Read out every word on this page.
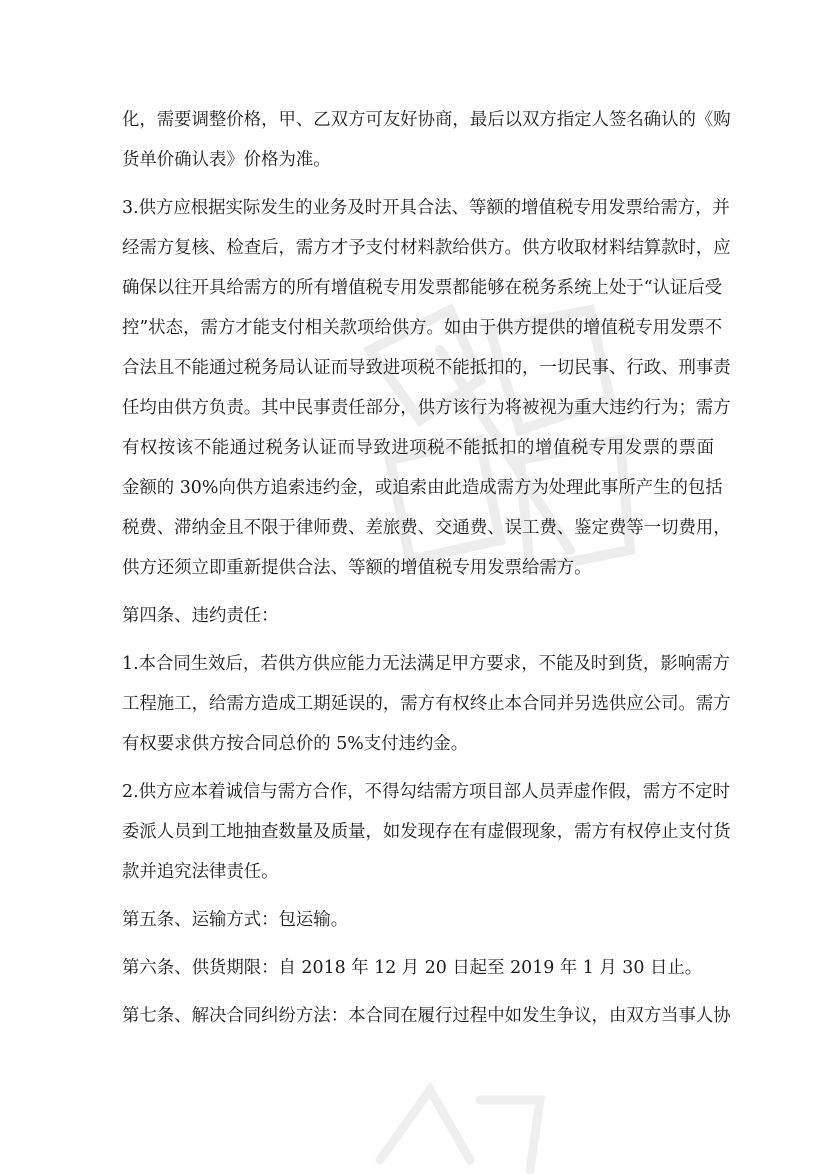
化，需要调整价格，甲、乙双方可友好协商，最后以双方指定人签名确认的《购
货单价确认表》价格为准。
3.供方应根据实际发生的业务及时开具合法、等额的增值税专用发票给需方，并
经需方复核、检查后，需方才予支付材料款给供方。供方收取材料结算款时，应
确保以往开具给需方的所有增值税专用发票都能够在税务系统上处于“认证后受
控”状态，需方才能支付相关款项给供方。如由于供方提供的增值税专用发票不
合法且不能通过税务局认证而导致进项税不能抵扣的，一切民事、行政、刑事责
任均由供方负责。其中民事责任部分，供方该行为将被视为重大违约行为；需方
有权按该不能通过税务认证而导致进项税不能抵扣的增值税专用发票的票面
金额的 30%向供方追索违约金，或追索由此造成需方为处理此事所产生的包括
税费、滞纳金且不限于律师费、差旅费、交通费、误工费、鉴定费等一切费用，
供方还须立即重新提供合法、等额的增值税专用发票给需方。
第四条、违约责任：
1.本合同生效后，若供方供应能力无法满足甲方要求，不能及时到货，影响需方
工程施工，给需方造成工期延误的，需方有权终止本合同并另选供应公司。需方
有权要求供方按合同总价的 5%支付违约金。
2.供方应本着诚信与需方合作，不得勾结需方项目部人员弄虚作假，需方不定时
委派人员到工地抽查数量及质量，如发现存在有虚假现象，需方有权停止支付货
款并追究法律责任。
第五条、运输方式：包运输。
第六条、供货期限：自 2018 年 12 月 20 日起至 2019 年 1 月 30 日止。
第七条、解决合同纠纷方法：本合同在履行过程中如发生争议，由双方当事人协
